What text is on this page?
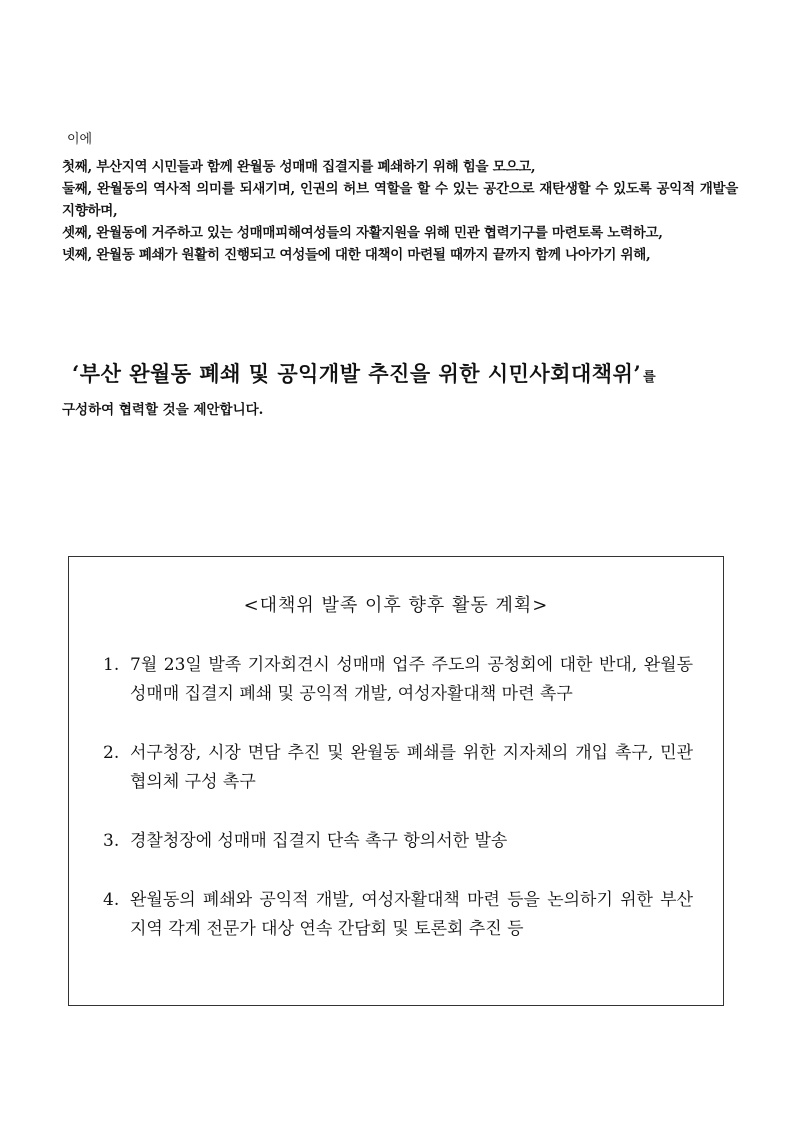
이에
첫째, 부산지역 시민들과 함께 완월동 성매매 집결지를 폐쇄하기 위해 힘을 모으고,
둘째, 완월동의 역사적 의미를 되새기며, 인권의 허브 역할을 할 수 있는 공간으로 재탄생할 수 있도록 공익적 개발을 지향하며,
셋째, 완월동에 거주하고 있는 성매매피해여성들의 자활지원을 위해 민관 협력기구를 마련토록 노력하고,
넷째, 완월동 폐쇄가 원활히 진행되고 여성들에 대한 대책이 마련될 때까지 끝까지 함께 나아가기 위해,
‘부산 완월동 폐쇄 및 공익개발 추진을 위한 시민사회대책위’ 를
구성하여 협력할 것을 제안합니다.
<대책위 발족 이후 향후 활동 계획>
1. 7월 23일 발족 기자회견시 성매매 업주 주도의 공청회에 대한 반대, 완월동 성매매 집결지 폐쇄 및 공익적 개발, 여성자활대책 마련 촉구
2. 서구청장, 시장 면담 추진 및 완월동 폐쇄를 위한 지자체의 개입 촉구, 민관 협의체 구성 촉구
3. 경찰청장에 성매매 집결지 단속 촉구 항의서한 발송
4. 완월동의 폐쇄와 공익적 개발, 여성자활대책 마련 등을 논의하기 위한 부산지역 각계 전문가 대상 연속 간담회 및 토론회 추진 등
